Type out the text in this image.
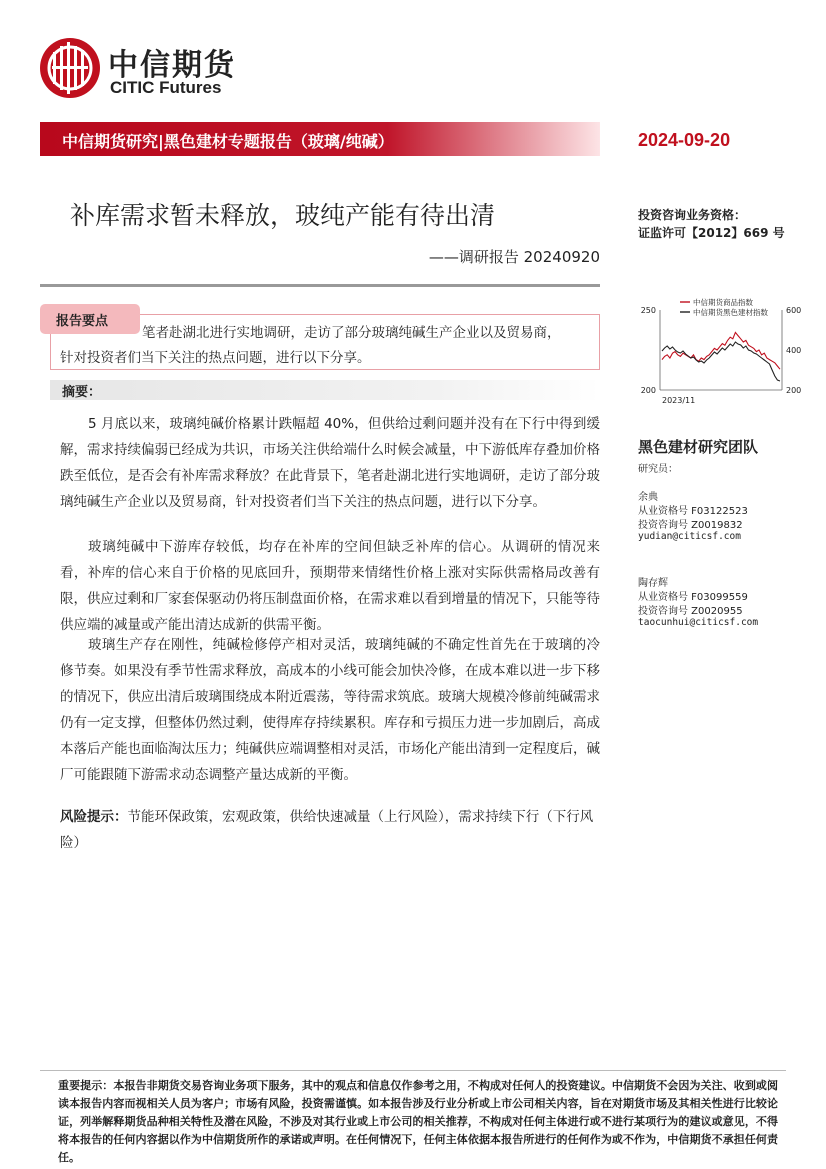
中信期货
CITIC Futures
中信期货研究|黑色建材专题报告（玻璃/纯碱）	2024-09-20
补库需求暂未释放，玻纯产能有待出清
——调研报告 20240920
投资咨询业务资格：
证监许可【2012】669 号
报告要点
笔者赴湖北进行实地调研，走访了部分玻璃纯碱生产企业以及贸易商，
针对投资者们当下关注的热点问题，进行以下分享。
摘要：
5 月底以来，玻璃纯碱价格累计跌幅超 40%，但供给过剩问题并没有在下行中得到缓解，需求持续偏弱已经成为共识，市场关注供给端什么时候会减量，中下游低库存叠加价格跌至低位，是否会有补库需求释放？在此背景下，笔者赴湖北进行实地调研，走访了部分玻璃纯碱生产企业以及贸易商，针对投资者们当下关注的热点问题，进行以下分享。
玻璃纯碱中下游库存较低，均存在补库的空间但缺乏补库的信心。从调研的情况来看，补库的信心来自于价格的见底回升，预期带来情绪性价格上涨对实际供需格局改善有限，供应过剩和厂家套保驱动仍将压制盘面价格，在需求难以看到增量的情况下，只能等待供应端的减量或产能出清达成新的供需平衡。
玻璃生产存在刚性，纯碱检修停产相对灵活，玻璃纯碱的不确定性首先在于玻璃的冷修节奏。如果没有季节性需求释放，高成本的小线可能会加快冷修，在成本难以进一步下移的情况下，供应出清后玻璃围绕成本附近震荡，等待需求筑底。玻璃大规模冷修前纯碱需求仍有一定支撑，但整体仍然过剩，使得库存持续累积。库存和亏损压力进一步加剧后，高成本落后产能也面临淘汰压力；纯碱供应端调整相对灵活，市场化产能出清到一定程度后，碱厂可能跟随下游需求动态调整产量达成新的平衡。
风险提示：节能环保政策，宏观政策，供给快速减量（上行风险），需求持续下行（下行风险）
200
250
200
400
600
2023/11
中信期货商品指数
中信期货黑色建材指数
黑色建材研究团队
研究员：
余典
从业资格号 F03122523
投资咨询号 Z0019832
yudian@citicsf.com
陶存辉
从业资格号 F03099559
投资咨询号 Z0020955
taocunhui@citicsf.com
重要提示：本报告非期货交易咨询业务项下服务，其中的观点和信息仅作参考之用，不构成对任何人的投资建议。中信期货不会因为关注、收到或阅读本报告内容而视相关人员为客户；市场有风险，投资需谨慎。如本报告涉及行业分析或上市公司相关内容，旨在对期货市场及其相关性进行比较论证，列举解释期货品种相关特性及潜在风险，不涉及对其行业或上市公司的相关推荐，不构成对任何主体进行或不进行某项行为的建议或意见，不得将本报告的任何内容据以作为中信期货所作的承诺或声明。在任何情况下，任何主体依据本报告所进行的任何作为或不作为，中信期货不承担任何责任。
